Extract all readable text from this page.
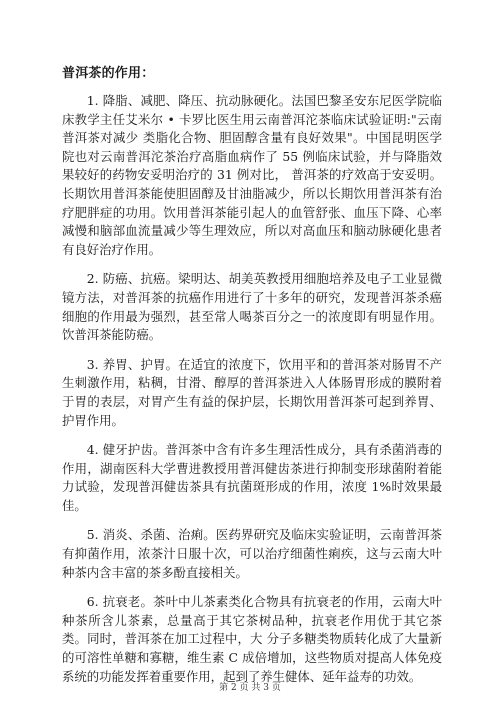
普洱茶的作用：

1. 降脂、减肥、降压、抗动脉硬化。法国巴黎圣安东尼医学院临床教学主任艾米尔 • 卡罗比医生用云南普洱沱茶临床试验证明:"云南普洱茶对减少 类脂化合物、胆固醇含量有良好效果"。中国昆明医学院也对云南普洱沱茶治疗高脂血病作了 55 例临床试验，并与降脂效果较好的药物安妥明治疗的 31 例对比， 普洱茶的疗效高于安妥明。长期饮用普洱茶能使胆固醇及甘油脂减少，所以长期饮用普洱茶有治疗肥胖症的功用。饮用普洱茶能引起人的血管舒张、血压下降、心率 减慢和脑部血流量减少等生理效应，所以对高血压和脑动脉硬化患者有良好治疗作用。

2. 防癌、抗癌。梁明达、胡美英教授用细胞培养及电子工业显微镜方法，对普洱茶的抗癌作用进行了十多年的研究，发现普洱茶杀癌细胞的作用最为强烈，甚至常人喝茶百分之一的浓度即有明显作用。饮普洱茶能防癌。

3. 养胃、护胃。在适宜的浓度下，饮用平和的普洱茶对肠胃不产生刺激作用，粘稠，甘滑、醇厚的普洱茶进入人体肠胃形成的膜附着于胃的表层，对胃产生有益的保护层，长期饮用普洱茶可起到养胃、护胃作用。

4. 健牙护齿。普洱茶中含有许多生理活性成分，具有杀菌消毒的作用，湖南医科大学曹进教授用普洱健齿茶进行抑制变形球菌附着能力试验，发现普洱健齿茶具有抗菌斑形成的作用，浓度 1%时效果最佳。

5. 消炎、杀菌、治痢。医药界研究及临床实验证明，云南普洱茶有抑菌作用，浓茶汁日服十次，可以治疗细菌性痢疾，这与云南大叶种茶内含丰富的茶多酚直接相关。

6. 抗衰老。茶叶中儿茶素类化合物具有抗衰老的作用，云南大叶种茶所含儿茶素，总量高于其它茶树品种，抗衰老作用优于其它茶类。同时，普洱茶在加工过程中，大 分子多糖类物质转化成了大量新的可溶性单糖和寡糖，维生素 C 成倍增加，这些物质对提高人体免疫系统的功能发挥着重要作用，起到了养生健体、延年益寿的功效。

第 2 页 共 3 页
